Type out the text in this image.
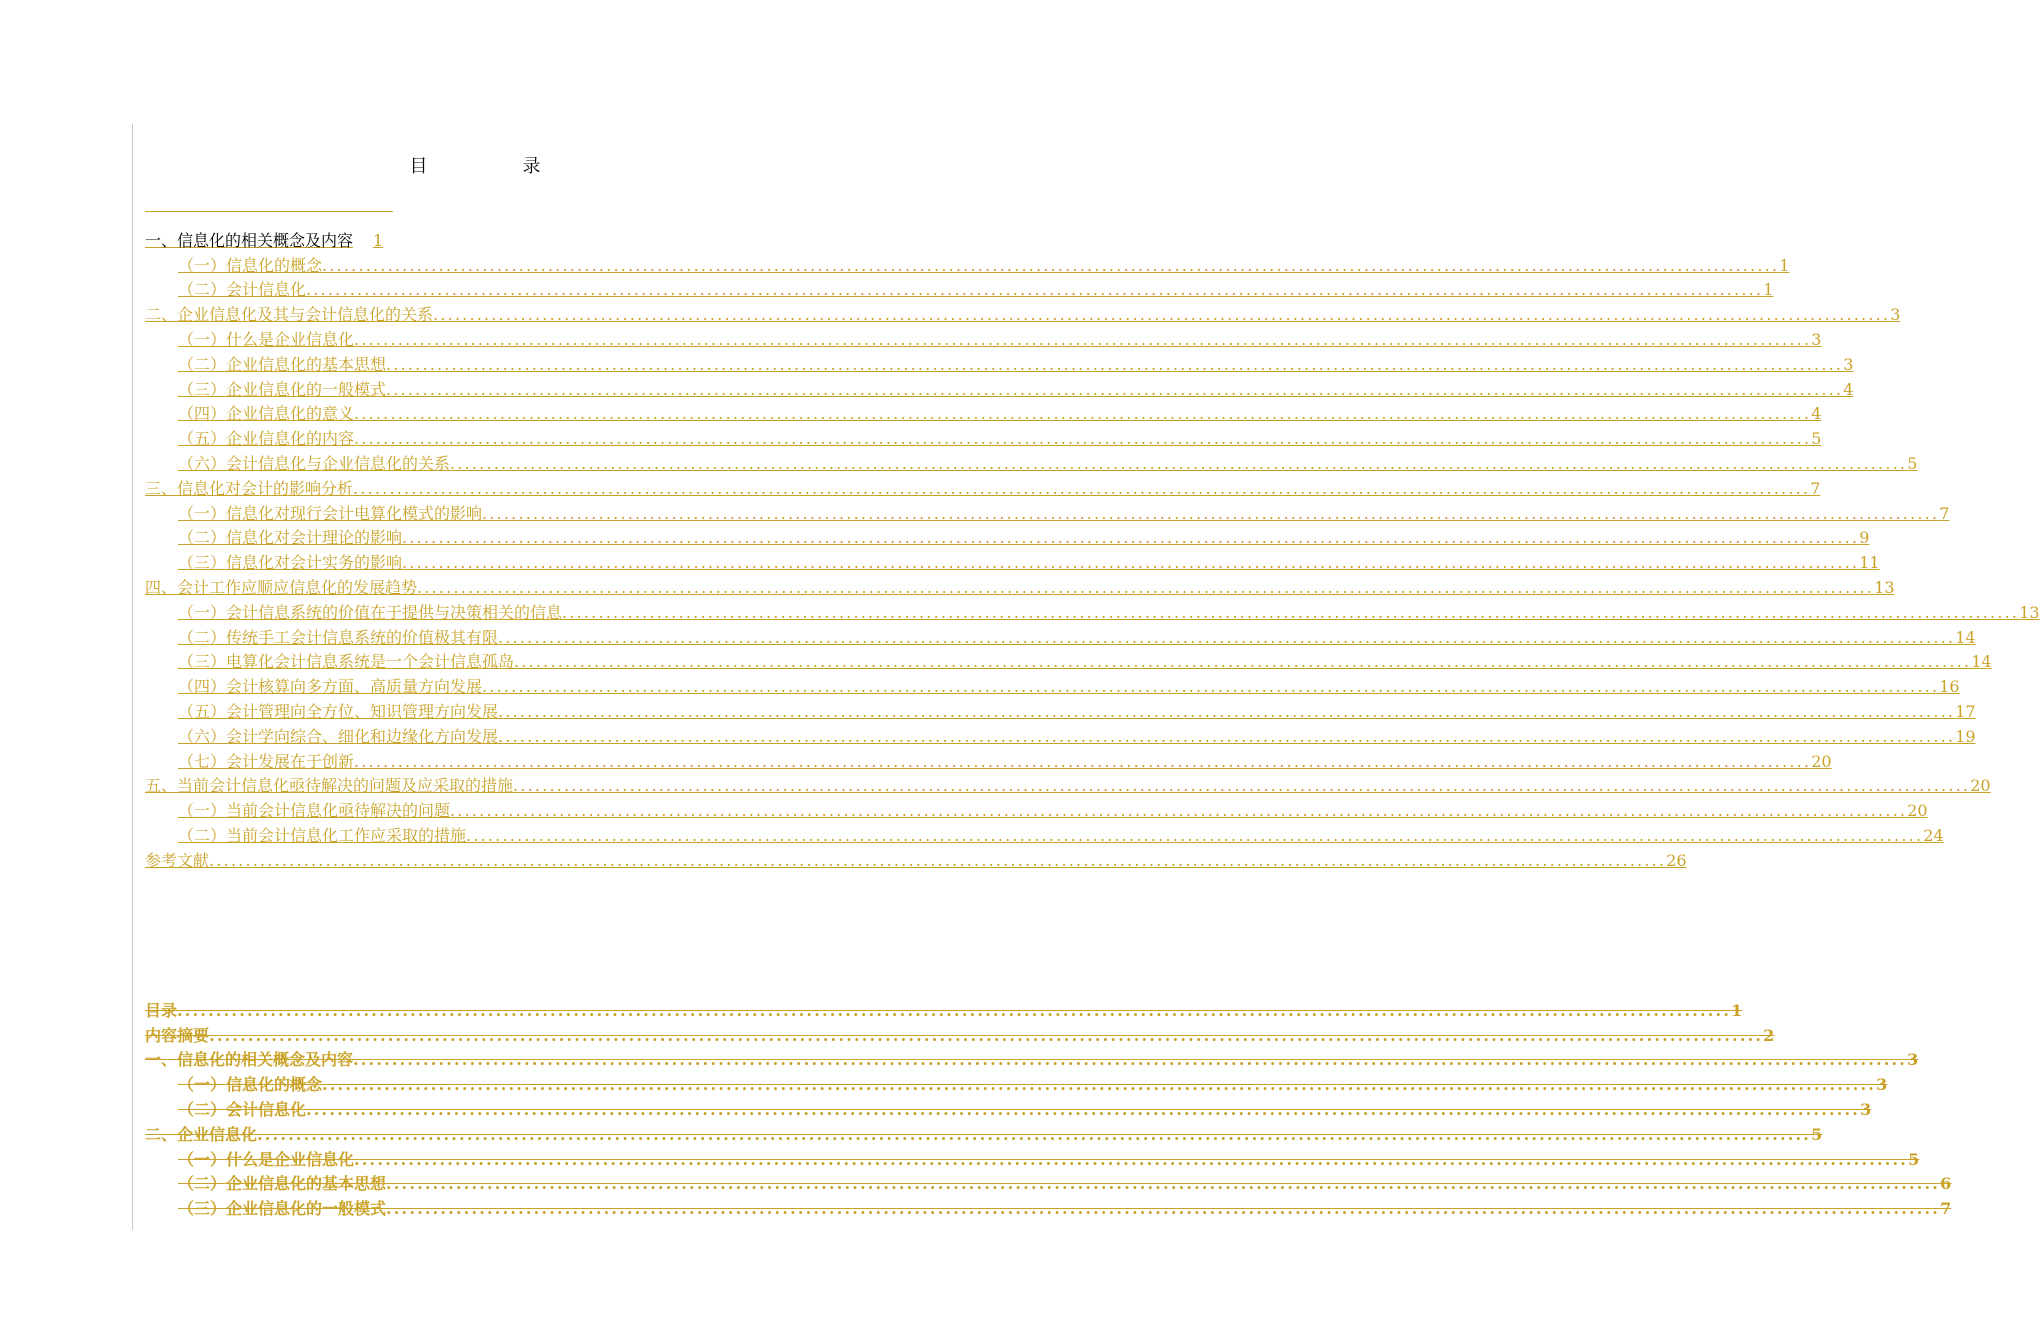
目	录
一、信息化的相关概念及内容	1
（一）信息化的概念 ........................................................................................................................................................................................................ 1
（二）会计信息化 ........................................................................................................................................................................................................ 1
二、企业信息化及其与会计信息化的关系 ........................................................................................................................................................................................................ 3
（一）什么是企业信息化 ........................................................................................................................................................................................................ 3
（二）企业信息化的基本思想 ........................................................................................................................................................................................................ 3
（三）企业信息化的一般模式 ........................................................................................................................................................................................................ 4
（四）企业信息化的意义 ........................................................................................................................................................................................................ 4
（五）企业信息化的内容 ........................................................................................................................................................................................................ 5
（六）会计信息化与企业信息化的关系 ........................................................................................................................................................................................................ 5
三、信息化对会计的影响分析 ........................................................................................................................................................................................................ 7
（一）信息化对现行会计电算化模式的影响 ........................................................................................................................................................................................................ 7
（二）信息化对会计理论的影响 ........................................................................................................................................................................................................ 9
（三）信息化对会计实务的影响 ........................................................................................................................................................................................................ 11
四、会计工作应顺应信息化的发展趋势 ........................................................................................................................................................................................................ 13
（一）会计信息系统的价值在于提供与决策相关的信息 ........................................................................................................................................................................................................ 13
（二）传统手工会计信息系统的价值极其有限 ........................................................................................................................................................................................................ 14
（三）电算化会计信息系统是一个会计信息孤岛 ........................................................................................................................................................................................................ 14
（四）会计核算向多方面、高质量方向发展 ........................................................................................................................................................................................................ 16
（五）会计管理向全方位、知识管理方向发展 ........................................................................................................................................................................................................ 17
（六）会计学向综合、细化和边缘化方向发展 ........................................................................................................................................................................................................ 19
（七）会计发展在于创新 ........................................................................................................................................................................................................ 20
五、当前会计信息化亟待解决的问题及应采取的措施 ........................................................................................................................................................................................................ 20
（一）当前会计信息化亟待解决的问题 ........................................................................................................................................................................................................ 20
（二）当前会计信息化工作应采取的措施 ........................................................................................................................................................................................................ 24
参考文献 ........................................................................................................................................................................................................ 26
目 录 ........................................................................................................................................................................................................ 1
内 容 摘 要 ........................................................................................................................................................................................................ 2
一、信息化的相关概念及内容 ........................................................................................................................................................................................................ 3
（一）信息化的概念 ........................................................................................................................................................................................................ 3
（二）会计信息化 ........................................................................................................................................................................................................ 3
二、企业信息化 ........................................................................................................................................................................................................ 5
（一）什么是企业信息化 ........................................................................................................................................................................................................ 5
（二）企业信息化的基本思想 ........................................................................................................................................................................................................ 6
（三）企业信息化的一般模式 ........................................................................................................................................................................................................ 7
